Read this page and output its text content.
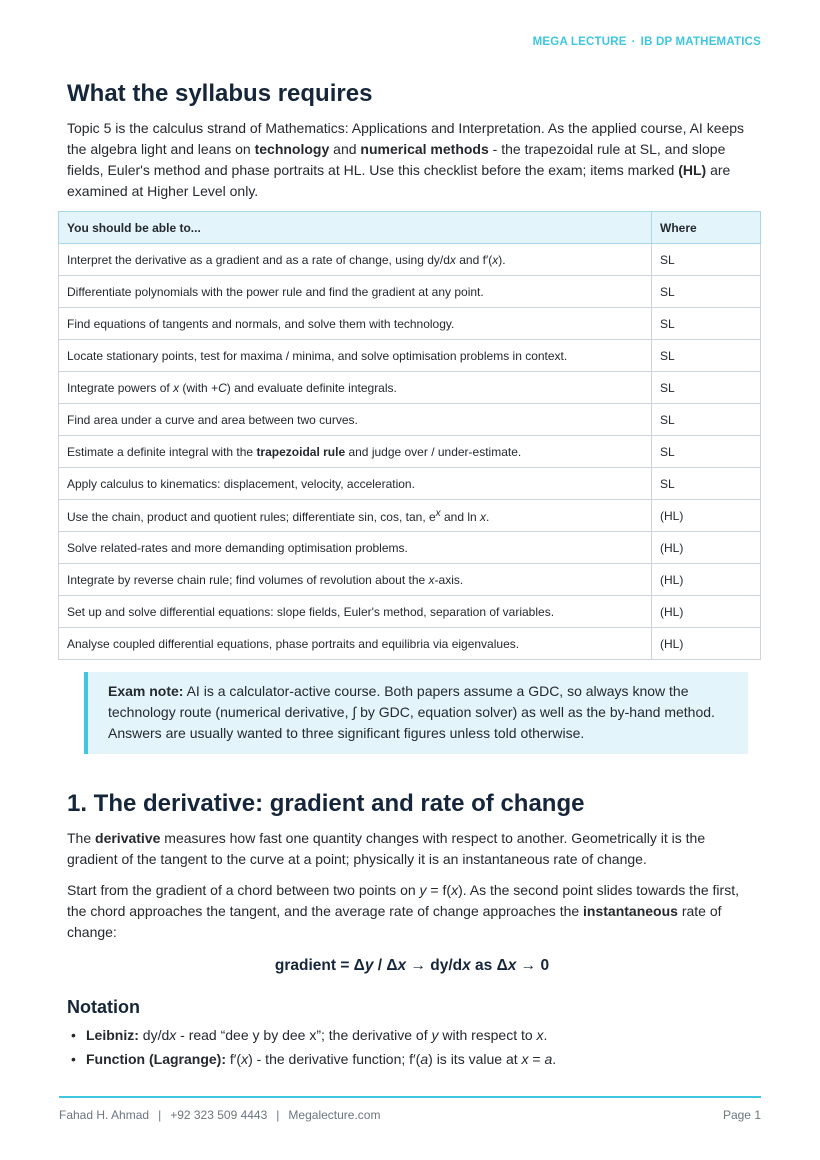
MEGA LECTURE · IB DP MATHEMATICS
What the syllabus requires

Topic 5 is the calculus strand of Mathematics: Applications and Interpretation. As the applied course, AI keeps the algebra light and leans on technology and numerical methods - the trapezoidal rule at SL, and slope fields, Euler's method and phase portraits at HL. Use this checklist before the exam; items marked (HL) are examined at Higher Level only.

You should be able to...	Where
Interpret the derivative as a gradient and as a rate of change, using dy/dx and f′(x).	SL
Differentiate polynomials with the power rule and find the gradient at any point.	SL
Find equations of tangents and normals, and solve them with technology.	SL
Locate stationary points, test for maxima / minima, and solve optimisation problems in context.	SL
Integrate powers of x (with +C) and evaluate definite integrals.	SL
Find area under a curve and area between two curves.	SL
Estimate a definite integral with the trapezoidal rule and judge over / under-estimate.	SL
Apply calculus to kinematics: displacement, velocity, acceleration.	SL
Use the chain, product and quotient rules; differentiate sin, cos, tan, $e^x$ and ln x.	(HL)
Solve related-rates and more demanding optimisation problems.	(HL)
Integrate by reverse chain rule; find volumes of revolution about the x-axis.	(HL)
Set up and solve differential equations: slope fields, Euler's method, separation of variables.	(HL)
Analyse coupled differential equations, phase portraits and equilibria via eigenvalues.	(HL)
Exam note: AI is a calculator-active course. Both papers assume a GDC, so always know the technology route (numerical derivative, ∫ by GDC, equation solver) as well as the by-hand method. Answers are usually wanted to three significant figures unless told otherwise.
1. The derivative: gradient and rate of change

The derivative measures how fast one quantity changes with respect to another. Geometrically it is the gradient of the tangent to the curve at a point; physically it is an instantaneous rate of change.

Start from the gradient of a chord between two points on y = f(x). As the second point slides towards the first, the chord approaches the tangent, and the average rate of change approaches the instantaneous rate of change:

gradient = Δy / Δx → dy/dx as Δx → 0
Notation
• Leibniz: dy/dx - read “dee y by dee x”; the derivative of y with respect to x.
• Function (Lagrange): f′(x) - the derivative function; f′(a) is its value at x = a.
Fahad H. Ahmad | +92 323 509 4443 | Megalecture.com	Page 1
